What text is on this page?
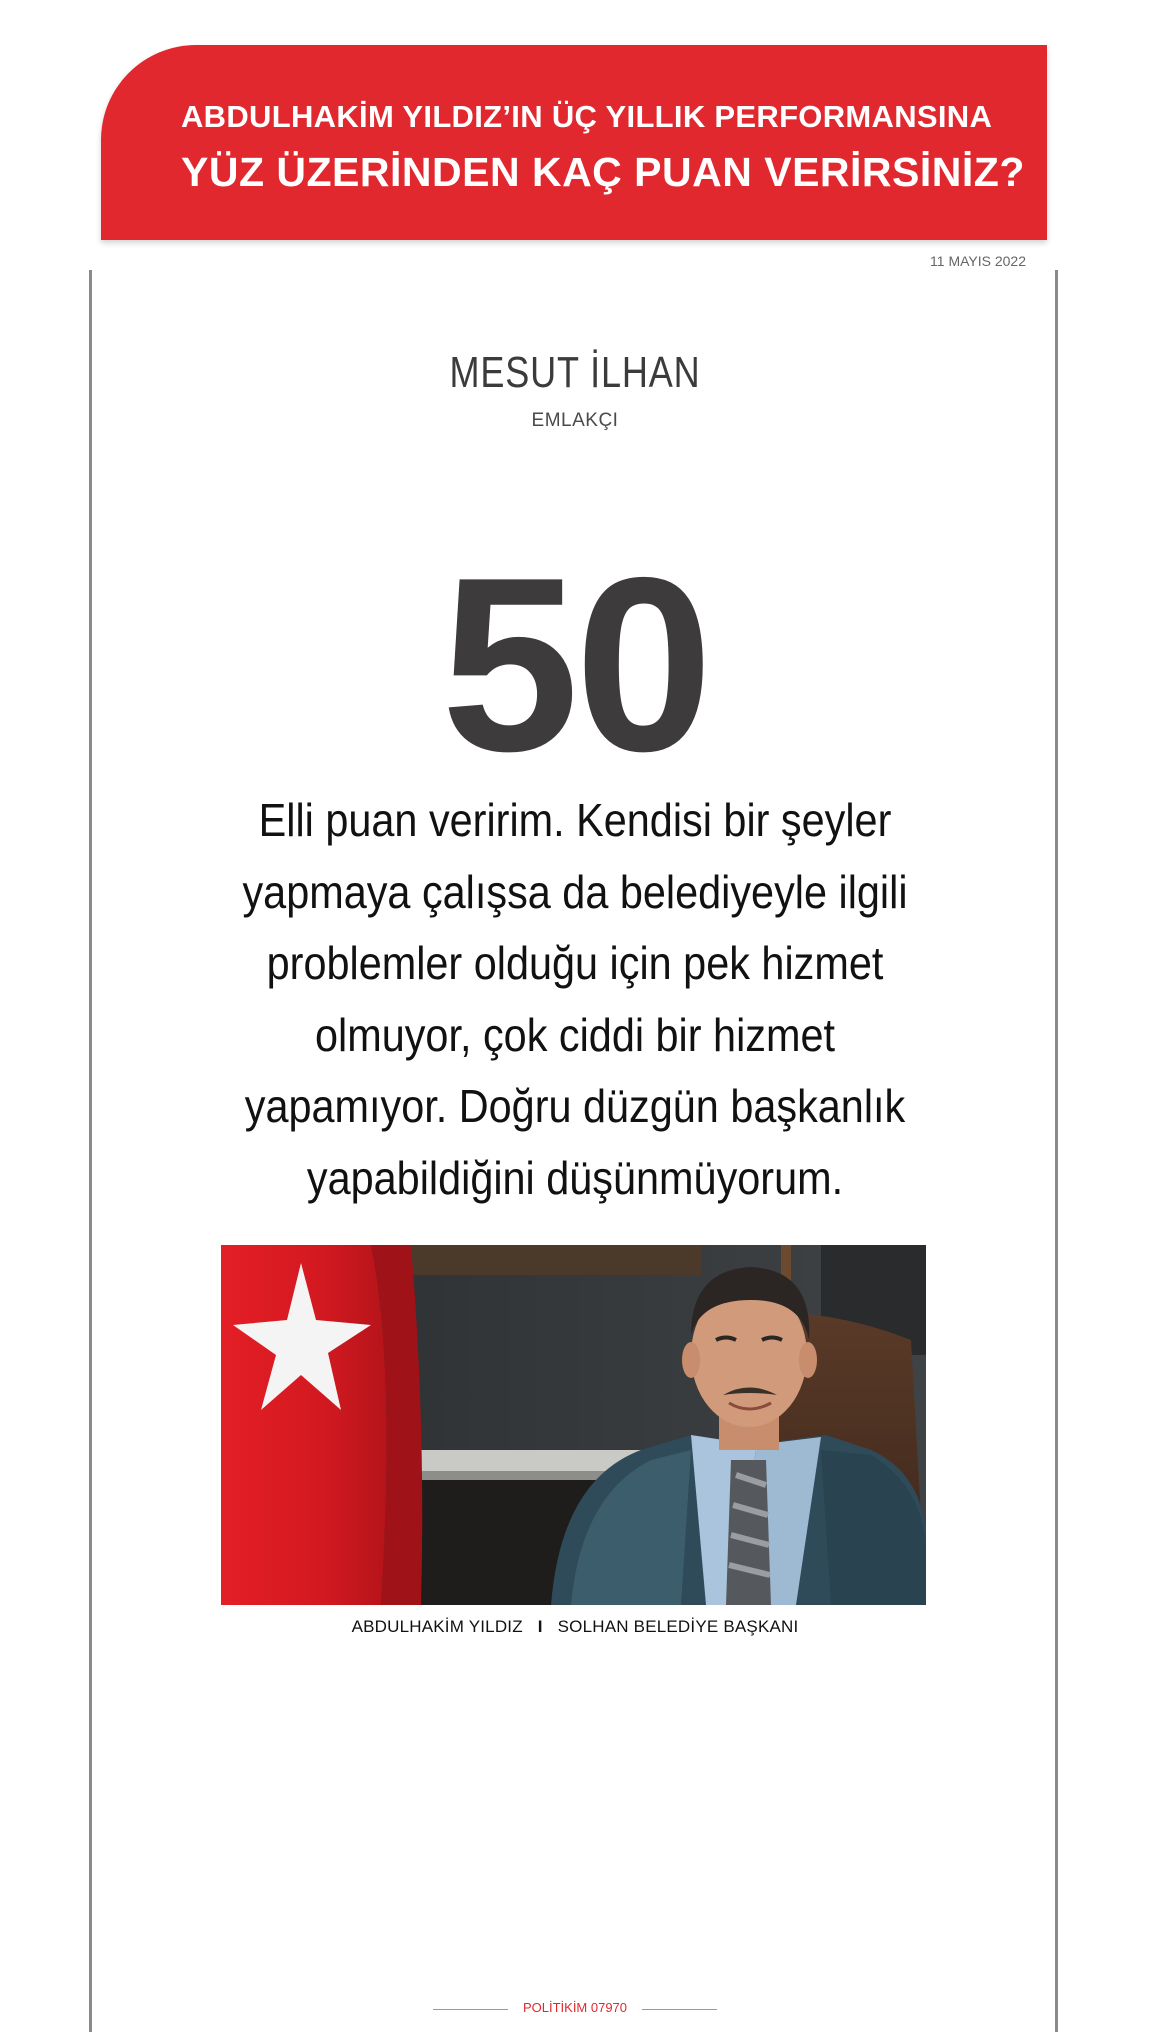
ABDULHAKİM YILDIZ’IN ÜÇ YILLIK PERFORMANSINA
YÜZ ÜZERİNDEN KAÇ PUAN VERİRSİNİZ?
11 MAYIS 2022
MESUT İLHAN
EMLAKÇI
50
Elli puan veririm. Kendisi bir şeyler yapmaya çalışsa da belediyeyle ilgili problemler olduğu için pek hizmet olmuyor, çok ciddi bir hizmet yapamıyor. Doğru düzgün başkanlık yapabildiğini düşünmüyorum.
ABDULHAKİM YILDIZ I SOLHAN BELEDİYE BAŞKANI
POLİTİKİM 07970
